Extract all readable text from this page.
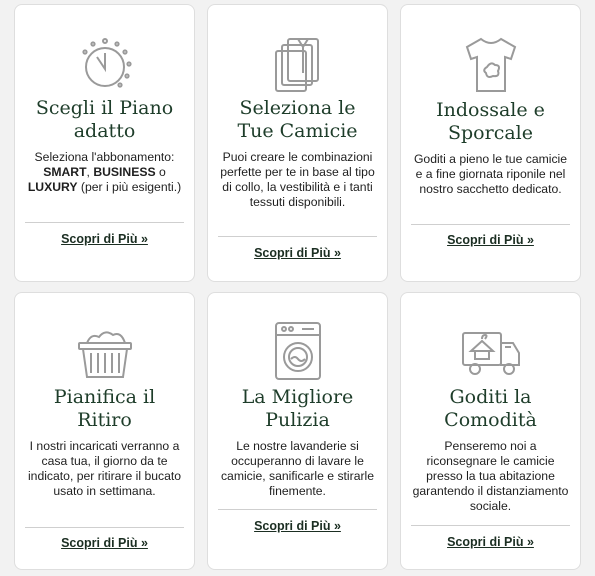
Scegli il Piano
adatto
Seleziona l'abbonamento: SMART, BUSINESS o LUXURY (per i più esigenti.)
Scopri di Più »
Seleziona le
Tue Camicie
Puoi creare le combinazioni perfette per te in base al tipo di collo, la vestibilità e i tanti tessuti disponibili.
Scopri di Più »
Indossale e
Sporcale
Goditi a pieno le tue camicie e a fine giornata riponile nel nostro sacchetto dedicato.
Scopri di Più »
Pianifica il
Ritiro
I nostri incaricati verranno a casa tua, il giorno da te indicato, per ritirare il bucato usato in settimana.
Scopri di Più »
La Migliore
Pulizia
Le nostre lavanderie si occuperanno di lavare le camicie, sanificarle e stirarle finemente.
Scopri di Più »
Goditi la
Comodità
Penseremo noi a riconsegnare le camicie presso la tua abitazione garantendo il distanziamento sociale.
Scopri di Più »
